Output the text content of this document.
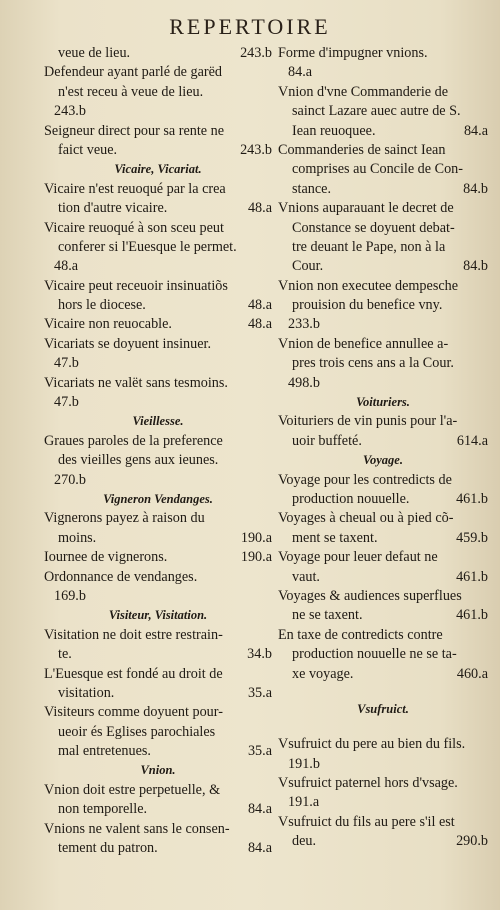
REPERTOIRE
veue de lieu.	243.b
Defendeur ayant parlé de garëd
n'est receu à veue de lieu.
243.b
Seigneur direct pour sa rente ne
faict veue.	243.b
Vicaire, Vicariat.
Vicaire n'est reuoqué par la crea
tion d'autre vicaire.	48.a
Vicaire reuoqué à son sceu peut
conferer si l'Euesque le permet.
48.a
Vicaire peut receuoir insinuatiõs
hors le diocese.	48.a
Vicaire non reuocable.	48.a
Vicariats se doyuent insinuer.
47.b
Vicariats ne valët sans tesmoins.
47.b
Vieillesse.
Graues paroles de la preference
des vieilles gens aux ieunes.
270.b
Vigneron Vendanges.
Vignerons payez à raison du
moins.	190.a
Iournee de vignerons.	190.a
Ordonnance de vendanges.
169.b
Visiteur, Visitation.
Visitation ne doit estre restrain-
te.	34.b
L'Euesque est fondé au droit de
visitation.	35.a
Visiteurs comme doyuent pour-
ueoir és Eglises parochiales
mal entretenues.	35.a
Vnion.
Vnion doit estre perpetuelle, &
non temporelle.	84.a
Vnions ne valent sans le consen-
tement du patron.	84.a
Forme d'impugner vnions.
84.a
Vnion d'vne Commanderie de
sainct Lazare auec autre de S.
Iean reuoquee.	84.a
Commanderies de sainct Iean
comprises au Concile de Con-
stance.	84.b
Vnions auparauant le decret de
Constance se doyuent debat-
tre deuant le Pape, non à la
Cour.	84.b
Vnion non executee dempesche
prouision du benefice vny.
233.b
Vnion de benefice annullee a-
pres trois cens ans a la Cour.
498.b
Voituriers.
Voituriers de vin punis pour l'a-
uoir buffeté.	614.a
Voyage.
Voyage pour les contredicts de
production nouuelle.	461.b
Voyages à cheual ou à pied cõ-
ment se taxent.	459.b
Voyage pour leuer defaut ne
vaut.	461.b
Voyages & audiences superflues
ne se taxent.	461.b
En taxe de contredicts contre
production nouuelle ne se ta-
xe voyage.	460.a
Vsufruict.
Vsufruict du pere au bien du fils.
191.b
Vsufruict paternel hors d'vsage.
191.a
Vsufruict du fils au pere s'il est
deu.	290.b
